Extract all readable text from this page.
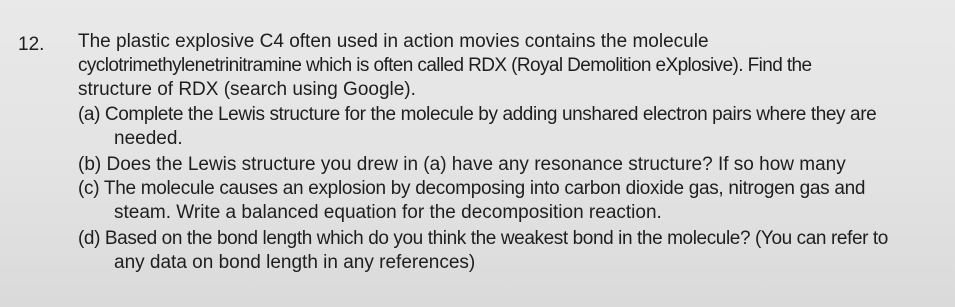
12. The plastic explosive C4 often used in action movies contains the molecule
cyclotrimethylenetrinitramine which is often called RDX (Royal Demolition eXplosive). Find the
structure of RDX (search using Google).
(a) Complete the Lewis structure for the molecule by adding unshared electron pairs where they are
needed.
(b) Does the Lewis structure you drew in (a) have any resonance structure? If so how many
(c) The molecule causes an explosion by decomposing into carbon dioxide gas, nitrogen gas and
steam. Write a balanced equation for the decomposition reaction.
(d) Based on the bond length which do you think the weakest bond in the molecule? (You can refer to
any data on bond length in any references)
